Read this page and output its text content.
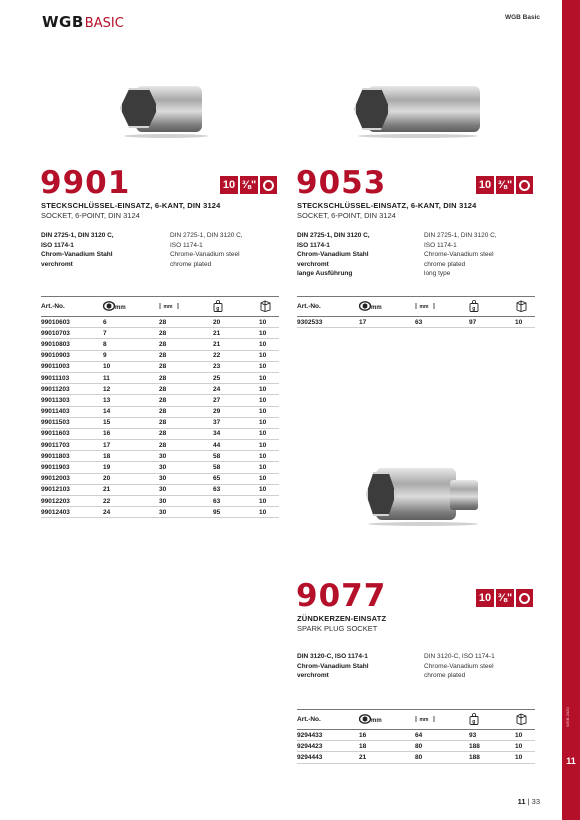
WGB BASIC	WGB Basic
WGB 2020
11
9901	10 ⅜"
STECKSCHLÜSSEL-EINSATZ, 6-KANT, DIN 3124
SOCKET, 6-POINT, DIN 3124
DIN 2725-1, DIN 3120 C,
ISO 1174-1
Chrom-Vanadium Stahl
verchromt
DIN 2725-1, DIN 3120 C,
ISO 1174-1
Chrome-Vanadium steel
chrome plated
9053	10 ⅜"
STECKSCHLÜSSEL-EINSATZ, 6-KANT, DIN 3124
SOCKET, 6-POINT, DIN 3124
DIN 2725-1, DIN 3120 C,
ISO 1174-1
Chrom-Vanadium Stahl
verchromt
lange Ausführung
DIN 2725-1, DIN 3120 C,
ISO 1174-1
Chrome-Vanadium steel
chrome plated
long type
Art.-No.	mm	mm	g

99010603	6	28	20	10
99010703	7	28	21	10
99010803	8	28	21	10
99010903	9	28	22	10
99011003	10	28	23	10
99011103	11	28	25	10
99011203	12	28	24	10
99011303	13	28	27	10
99011403	14	28	29	10
99011503	15	28	37	10
99011603	16	28	34	10
99011703	17	28	44	10
99011803	18	30	58	10
99011903	19	30	58	10
99012003	20	30	65	10
99012103	21	30	63	10
99012203	22	30	63	10
99012403	24	30	95	10
Art.-No.	mm	mm	g

9302533	17	63	97	10
9077	10 ⅜"
ZÜNDKERZEN-EINSATZ
SPARK PLUG SOCKET
DIN 3120-C, ISO 1174-1
Chrom-Vanadium Stahl
verchromt
DIN 3120-C, ISO 1174-1
Chrome-Vanadium steel
chrome plated
Art.-No.	mm	mm	g

9294433	16	64	93	10
9294423	18	80	188	10
9294443	21	80	188	10
11 | 33
